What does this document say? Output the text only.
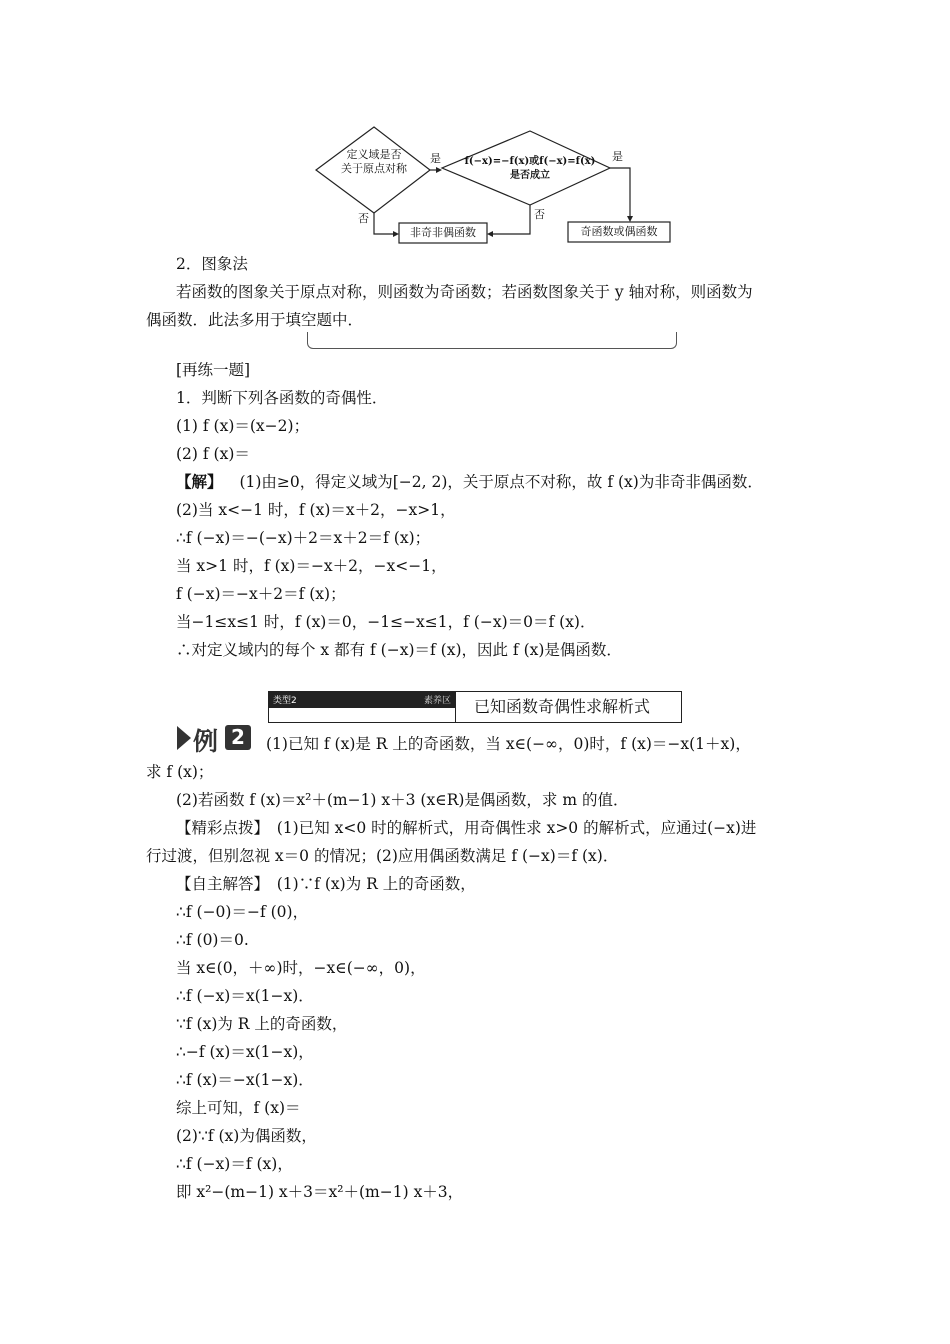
定义域是否
关于原点对称
f(−x)=−f(x)或f(−x)=f(x)
是否成立
是	是
否	否
非奇非偶函数	奇函数或偶函数
2．图象法
若函数的图象关于原点对称，则函数为奇函数；若函数图象关于 y 轴对称，则函数为
偶函数．此法多用于填空题中．
[再练一题]
1．判断下列各函数的奇偶性．
(1) f (x)＝(x−2)；
(2) f (x)＝
【解】 (1)由≥0，得定义域为[−2, 2)，关于原点不对称，故 f (x)为非奇非偶函数．
(2)当 x<−1 时，f (x)＝x＋2，−x>1，
∴f (−x)＝−(−x)＋2＝x＋2＝f (x)；
当 x>1 时，f (x)＝−x＋2，−x<−1，
f (−x)＝−x＋2＝f (x)；
当−1≤x≤1 时，f (x)＝0，−1≤−x≤1，f (−x)＝0＝f (x)．
∴对定义域内的每个 x 都有 f (−x)＝f (x)，因此 f (x)是偶函数．
类型2	素养区 已知函数奇偶性求解析式
例 2	(1)已知 f (x)是 R 上的奇函数，当 x∈(−∞，0)时，f (x)＝−x(1＋x)，
求 f (x)；
(2)若函数 f (x)＝x²＋(m−1) x＋3 (x∈R)是偶函数，求 m 的值．
【精彩点拨】　(1)已知 x<0 时的解析式，用奇偶性求 x>0 的解析式，应通过(−x)进
行过渡，但别忽视 x＝0 的情况；(2)应用偶函数满足 f (−x)＝f (x)．
【自主解答】　(1)∵f (x)为 R 上的奇函数，
∴f (−0)＝−f (0)，
∴f (0)＝0.
当 x∈(0，＋∞)时，−x∈(−∞，0)，
∴f (−x)＝x(1−x)．
∵f (x)为 R 上的奇函数，
∴−f (x)＝x(1−x)，
∴f (x)＝−x(1−x)．
综上可知，f (x)＝
(2)∵f (x)为偶函数，
∴f (−x)＝f (x)，
即 x²−(m−1) x＋3＝x²＋(m−1) x＋3，
